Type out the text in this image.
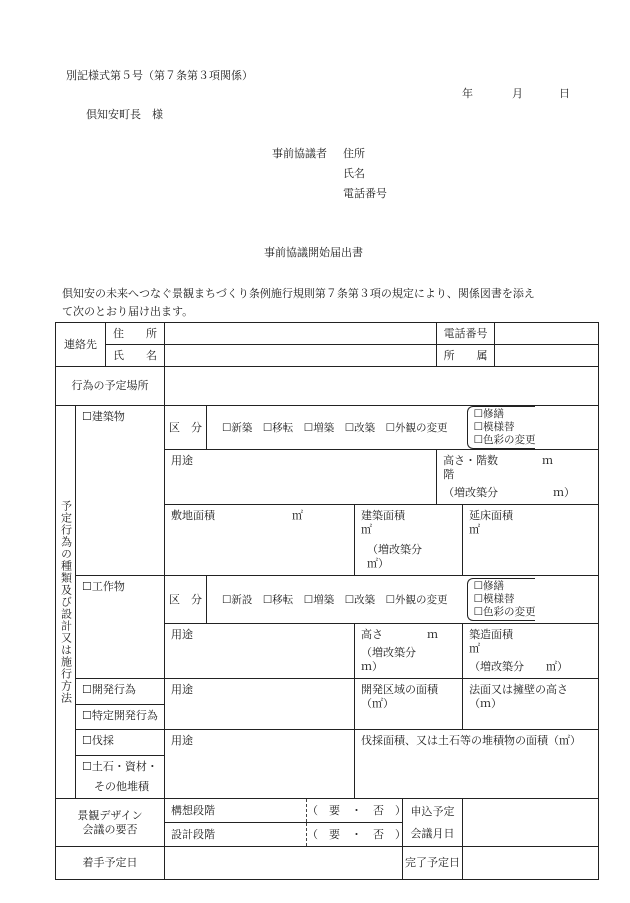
別記様式第５号（第７条第３項関係）
年	月	日
倶知安町長　様
事前協議者 住所
氏名
電話番号
事前協議開始届出書
倶知安の未来へつなぐ景観まちづくり条例施行規則第７条第３項の規定により、関係図書を添え
て次のとおり届け出ます。
連絡先		住　　所						電話番号		
		氏　　名						所　　属		
行為の予定場所										

予定行為の種類及び設計又は施行方法	☐建築物		区　分	☐新築　☐移転　☐増築　☐改築　☐外観の変更					☐修繕
☐模様替
☐色彩の変更	

			用途					高さ・階数　　　　ｍ　　　　階
（増改築分　　　　　ｍ）		

			敷地面積　　　　　　　㎡			建築面積　　　　　　　㎡
（増改築分　　　㎡）			延床面積　　　　　　　　㎡	
	☐工作物		区　分	☐新設　☐移転　☐増築　☐改築　☐外観の変更					☐修繕
☐模様替
☐色彩の変更	

			用途			高さ　　　　ｍ
（増改築分　　　ｍ）			築造面積　　　　　　　㎡
（増改築分　　㎡）	

	☐開発行為		用途			開発区域の面積（㎡）			法面又は擁壁の高さ（ｍ）	
	☐特定開発行為									
	☐伐採		用途			伐採面積、又は土石等の堆積物の面積（㎡）				

	☐土石・資材・
その他堆積									

景観デザイン
会議の要否			構想段階		（　要　・　否　）		申込予定
会議月日			

			設計段階		（　要　・　否　）					
着手予定日							完了予定日			
